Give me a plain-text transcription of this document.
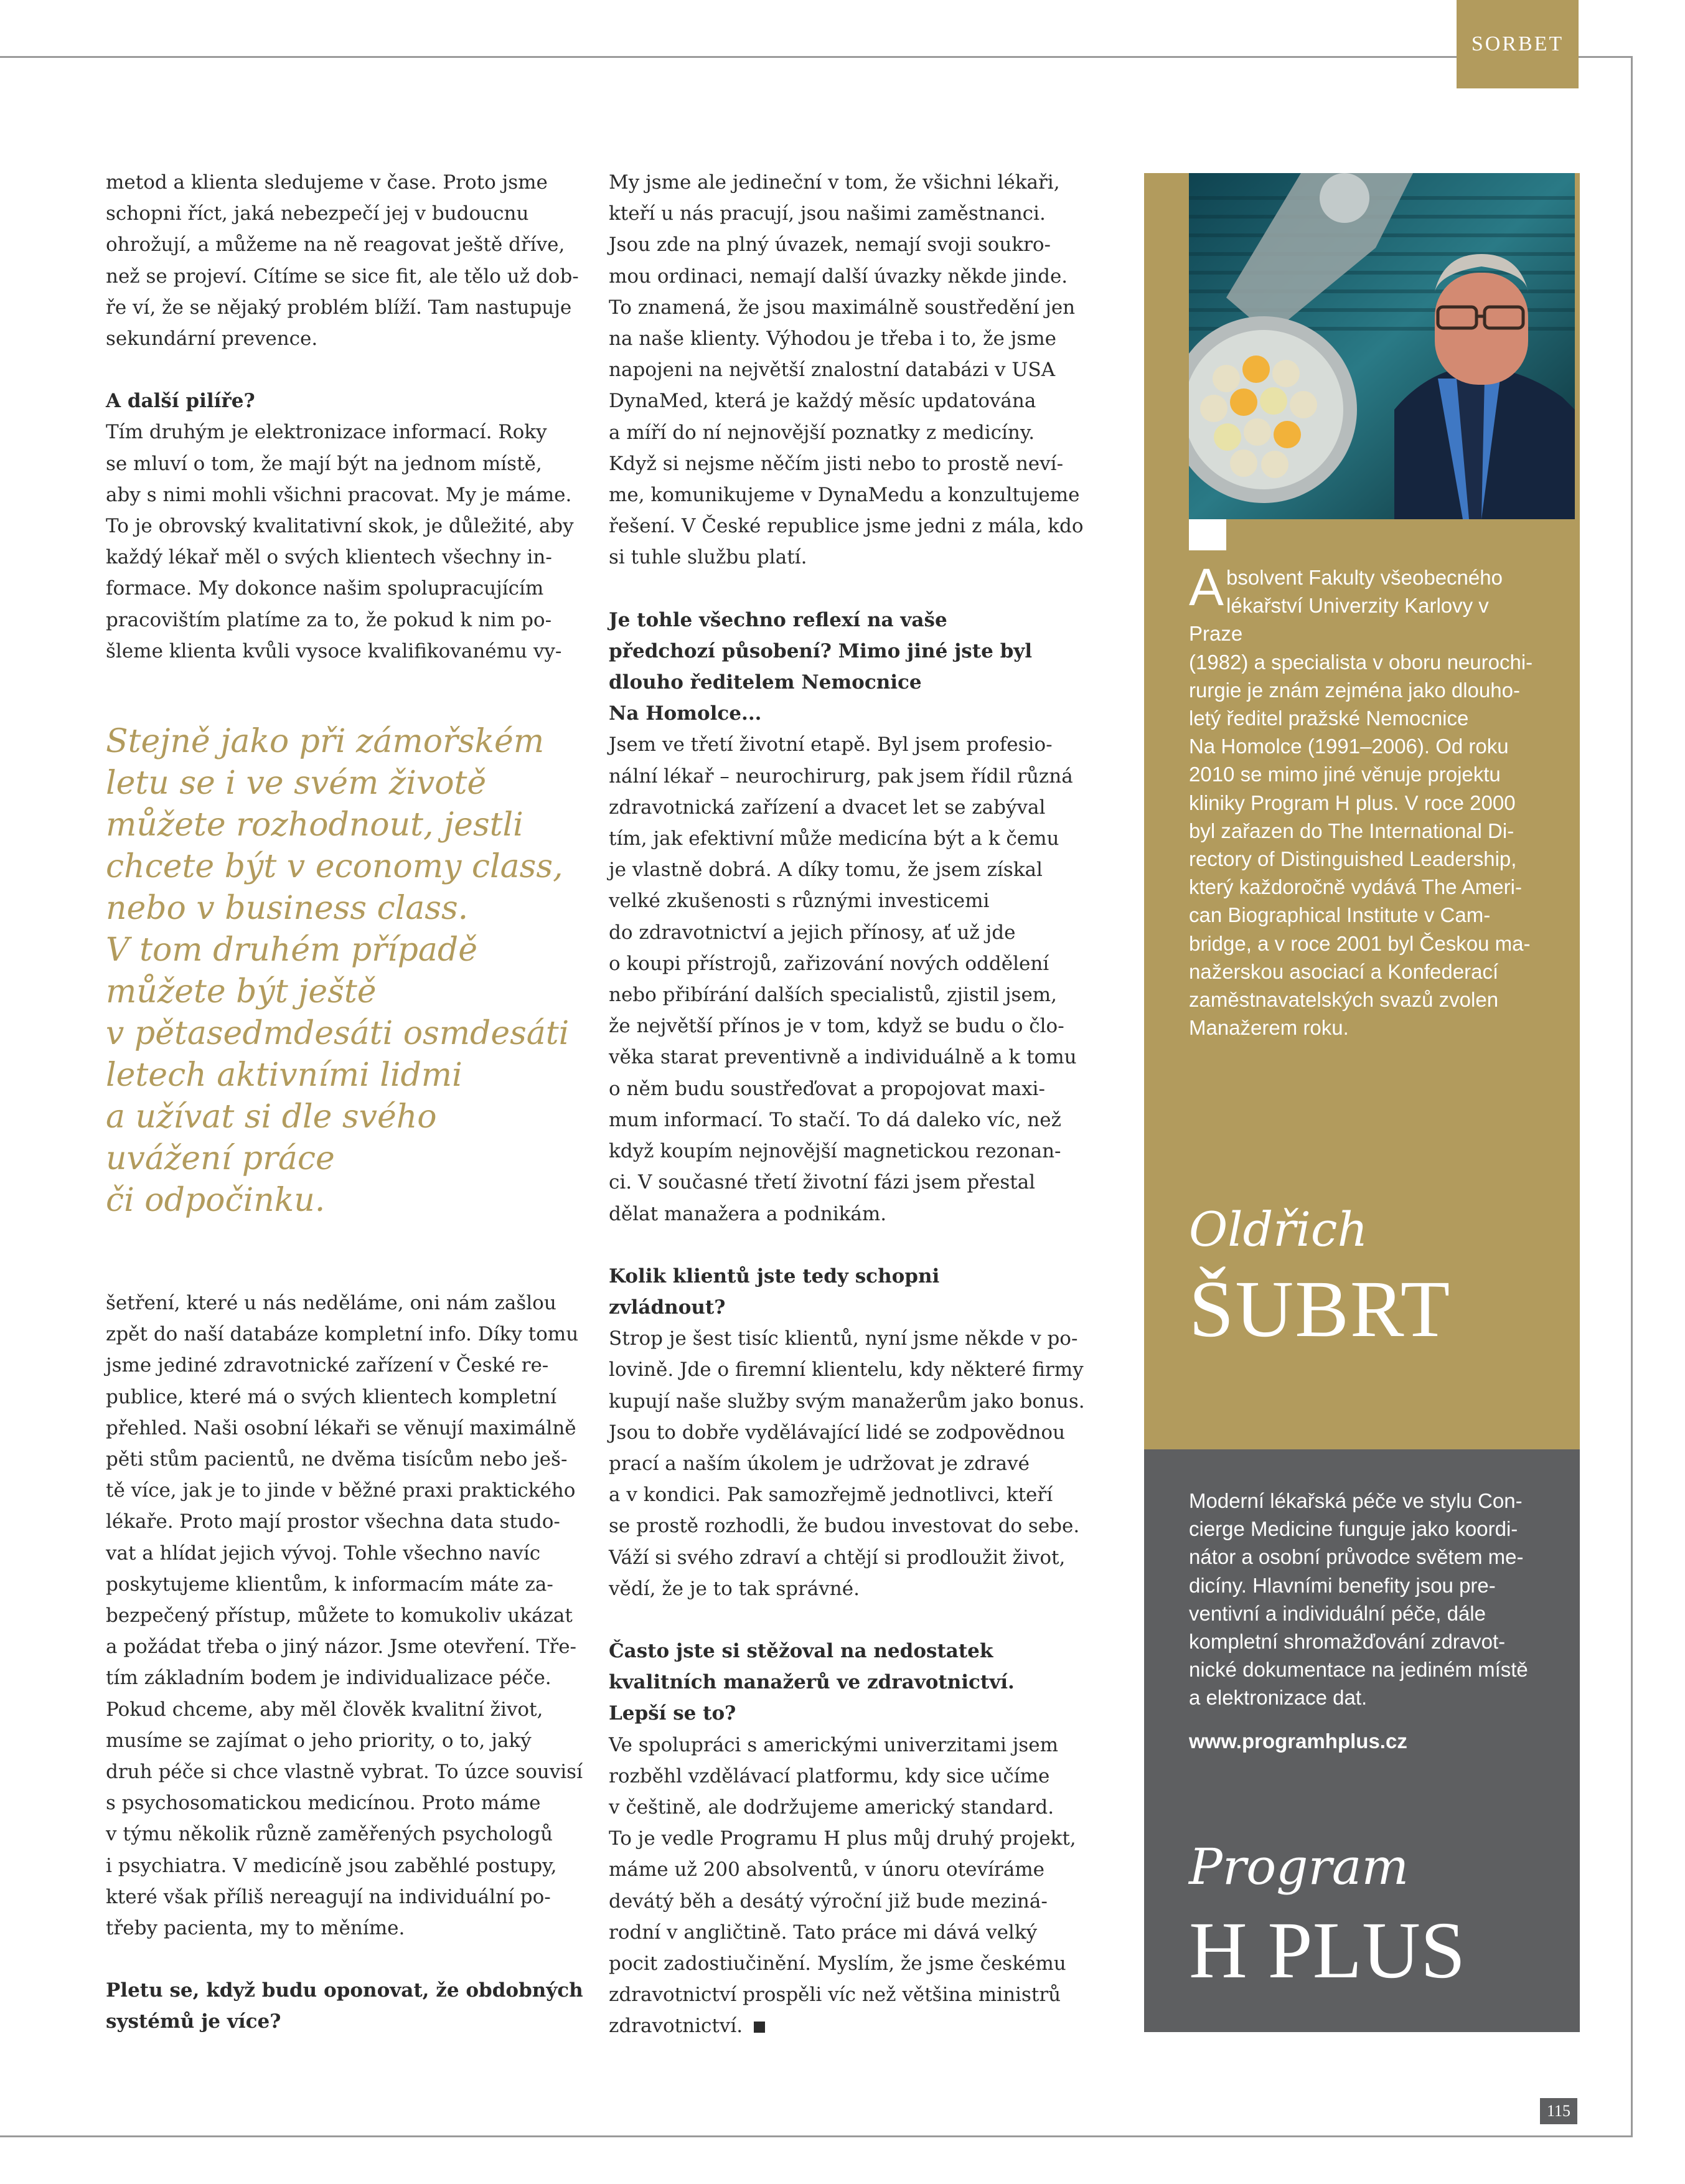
SORBET
metod a klienta sledujeme v čase. Proto jsme
schopni říct, jaká nebezpečí jej v budoucnu
ohrožují, a můžeme na ně reagovat ještě dříve,
než se projeví. Cítíme se sice fit, ale tělo už dob-
ře ví, že se nějaký problém blíží. Tam nastupuje
sekundární prevence.
A další pilíře?
Tím druhým je elektronizace informací. Roky
se mluví o tom, že mají být na jednom místě,
aby s nimi mohli všichni pracovat. My je máme.
To je obrovský kvalitativní skok, je důležité, aby
každý lékař měl o svých klientech všechny in-
formace. My dokonce našim spolupracujícím
pracovištím platíme za to, že pokud k nim po-
šleme klienta kvůli vysoce kvalifikovanému vy-
Stejně jako při zámořském
letu se i ve svém životě
můžete rozhodnout, jestli
chcete být v economy class,
nebo v business class.
V tom druhém případě
můžete být ještě
v pětasedmdesáti osmdesáti
letech aktivními lidmi
a užívat si dle svého
uvážení práce
či odpočinku.
šetření, které u nás neděláme, oni nám zašlou
zpět do naší databáze kompletní info. Díky tomu
jsme jediné zdravotnické zařízení v České re-
publice, které má o svých klientech kompletní
přehled. Naši osobní lékaři se věnují maximálně
pěti stům pacientů, ne dvěma tisícům nebo ješ-
tě více, jak je to jinde v běžné praxi praktického
lékaře. Proto mají prostor všechna data studo-
vat a hlídat jejich vývoj. Tohle všechno navíc
poskytujeme klientům, k informacím máte za-
bezpečený přístup, můžete to komukoliv ukázat
a požádat třeba o jiný názor. Jsme otevření. Tře-
tím základním bodem je individualizace péče.
Pokud chceme, aby měl člověk kvalitní život,
musíme se zajímat o jeho priority, o to, jaký
druh péče si chce vlastně vybrat. To úzce souvisí
s psychosomatickou medicínou. Proto máme
v týmu několik různě zaměřených psychologů
i psychiatra. V medicíně jsou zaběhlé postupy,
které však příliš nereagují na individuální po-
třeby pacienta, my to měníme.
Pletu se, když budu oponovat, že obdobných
systémů je více?
My jsme ale jedineční v tom, že všichni lékaři,
kteří u nás pracují, jsou našimi zaměstnanci.
Jsou zde na plný úvazek, nemají svoji soukro-
mou ordinaci, nemají další úvazky někde jinde.
To znamená, že jsou maximálně soustředění jen
na naše klienty. Výhodou je třeba i to, že jsme
napojeni na největší znalostní databázi v USA
DynaMed, která je každý měsíc updatována
a míří do ní nejnovější poznatky z medicíny.
Když si nejsme něčím jisti nebo to prostě neví-
me, komunikujeme v DynaMedu a konzultujeme
řešení. V České republice jsme jedni z mála, kdo
si tuhle službu platí.
Je tohle všechno reflexí na vaše
předchozí působení? Mimo jiné jste byl
dlouho ředitelem Nemocnice
Na Homolce...
Jsem ve třetí životní etapě. Byl jsem profesio-
nální lékař – neurochirurg, pak jsem řídil různá
zdravotnická zařízení a dvacet let se zabýval
tím, jak efektivní může medicína být a k čemu
je vlastně dobrá. A díky tomu, že jsem získal
velké zkušenosti s různými investicemi
do zdravotnictví a jejich přínosy, ať už jde
o koupi přístrojů, zařizování nových oddělení
nebo přibírání dalších specialistů, zjistil jsem,
že největší přínos je v tom, když se budu o člo-
věka starat preventivně a individuálně a k tomu
o něm budu soustřeďovat a propojovat maxi-
mum informací. To stačí. To dá daleko víc, než
když koupím nejnovější magnetickou rezonan-
ci. V současné třetí životní fázi jsem přestal
dělat manažera a podnikám.
Kolik klientů jste tedy schopni
zvládnout?
Strop je šest tisíc klientů, nyní jsme někde v po-
lovině. Jde o firemní klientelu, kdy některé firmy
kupují naše služby svým manažerům jako bonus.
Jsou to dobře vydělávající lidé se zodpovědnou
prací a naším úkolem je udržovat je zdravé
a v kondici. Pak samozřejmě jednotlivci, kteří
se prostě rozhodli, že budou investovat do sebe.
Váží si svého zdraví a chtějí si prodloužit život,
vědí, že je to tak správné.
Často jste si stěžoval na nedostatek
kvalitních manažerů ve zdravotnictví.
Lepší se to?
Ve spolupráci s americkými univerzitami jsem
rozběhl vzdělávací platformu, kdy sice učíme
v češtině, ale dodržujeme americký standard.
To je vedle Programu H plus můj druhý projekt,
máme už 200 absolventů, v únoru otevíráme
devátý běh a desátý výroční již bude meziná-
rodní v angličtině. Tato práce mi dává velký
pocit zadostiučinění. Myslím, že jsme českému
zdravotnictví prospěli víc než většina ministrů
zdravotnictví.
A bsolvent Fakulty všeobecného
lékařství Univerzity Karlovy v Praze
(1982) a specialista v oboru neurochi-
rurgie je znám zejména jako dlouho-
letý ředitel pražské Nemocnice
Na Homolce (1991–2006). Od roku
2010 se mimo jiné věnuje projektu
kliniky Program H plus. V roce 2000
byl zařazen do The International Di-
rectory of Distinguished Leadership,
který každoročně vydává The Ameri-
can Biographical Institute v Cam-
bridge, a v roce 2001 byl Českou ma-
nažerskou asociací a Konfederací
zaměstnavatelských svazů zvolen
Manažerem roku.
Oldřich
ŠUBRT
Moderní lékařská péče ve stylu Con-
cierge Medicine funguje jako koordi-
nátor a osobní průvodce světem me-
dicíny. Hlavními benefity jsou pre-
ventivní a individuální péče, dále
kompletní shromažďování zdravot-
nické dokumentace na jediném místě
a elektronizace dat.
www.programhplus.cz
Program
H PLUS
115
